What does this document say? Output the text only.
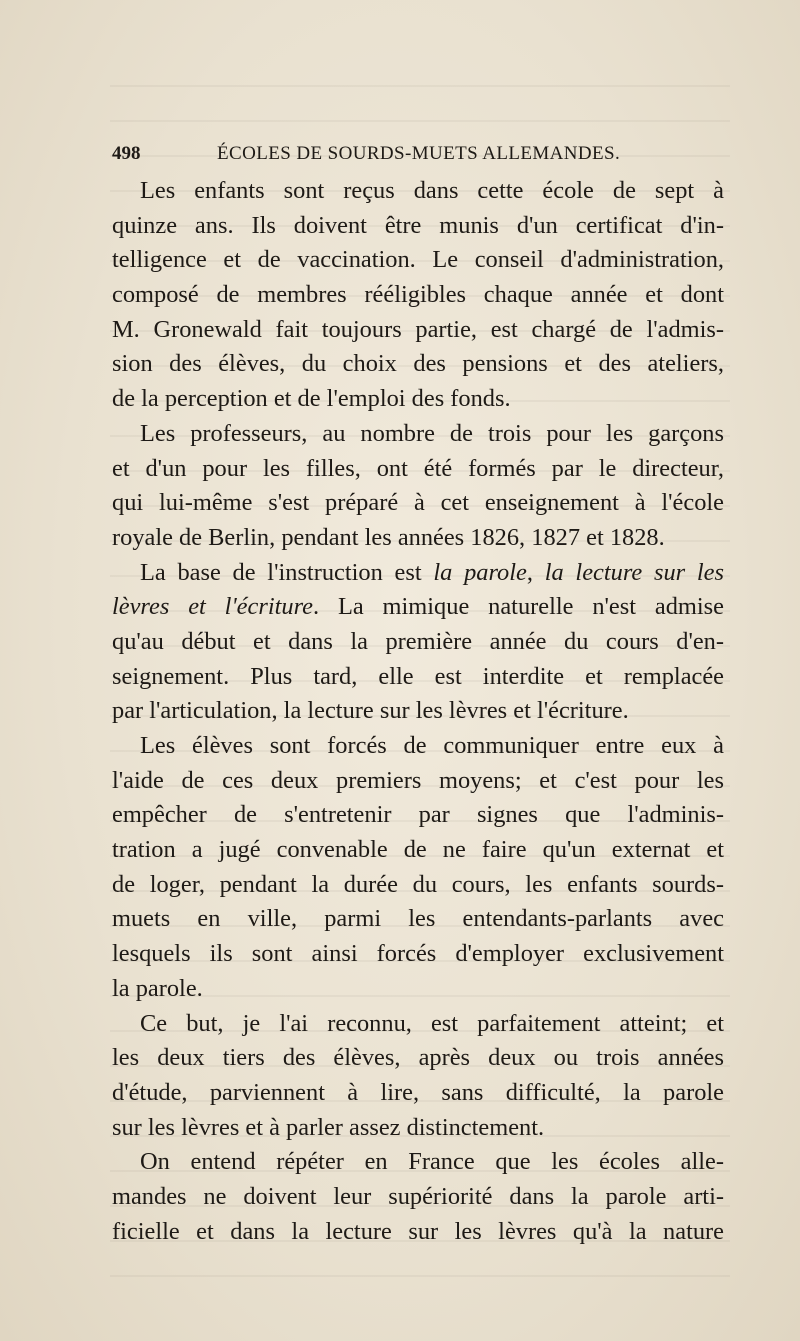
498	ÉCOLES DE SOURDS-MUETS ALLEMANDES.
Les enfants sont reçus dans cette école de sept à
quinze ans. Ils doivent être munis d'un certificat d'in-
telligence et de vaccination. Le conseil d'administration,
composé de membres rééligibles chaque année et dont
M. Gronewald fait toujours partie, est chargé de l'admis-
sion des élèves, du choix des pensions et des ateliers,
de la perception et de l'emploi des fonds.
Les professeurs, au nombre de trois pour les garçons
et d'un pour les filles, ont été formés par le directeur,
qui lui-même s'est préparé à cet enseignement à l'école
royale de Berlin, pendant les années 1826, 1827 et 1828.
La base de l'instruction est la parole, la lecture sur les
lèvres et l'écriture. La mimique naturelle n'est admise
qu'au début et dans la première année du cours d'en-
seignement. Plus tard, elle est interdite et remplacée
par l'articulation, la lecture sur les lèvres et l'écriture.
Les élèves sont forcés de communiquer entre eux à
l'aide de ces deux premiers moyens; et c'est pour les
empêcher de s'entretenir par signes que l'adminis-
tration a jugé convenable de ne faire qu'un externat et
de loger, pendant la durée du cours, les enfants sourds-
muets en ville, parmi les entendants-parlants avec
lesquels ils sont ainsi forcés d'employer exclusivement
la parole.
Ce but, je l'ai reconnu, est parfaitement atteint; et
les deux tiers des élèves, après deux ou trois années
d'étude, parviennent à lire, sans difficulté, la parole
sur les lèvres et à parler assez distinctement.
On entend répéter en France que les écoles alle-
mandes ne doivent leur supériorité dans la parole arti-
ficielle et dans la lecture sur les lèvres qu'à la nature
